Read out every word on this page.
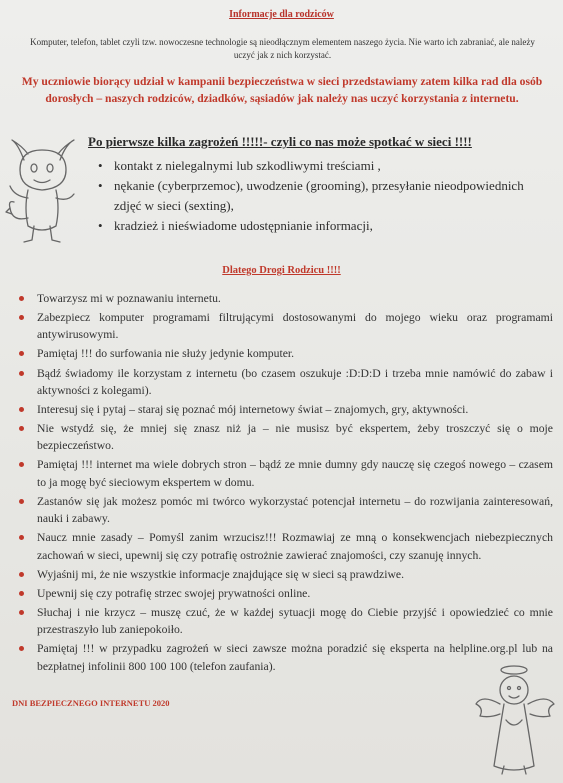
Informacje dla rodziców
Komputer, telefon, tablet czyli tzw. nowoczesne technologie są nieodłącznym elementem naszego życia. Nie warto ich zabraniać, ale należy uczyć jak z nich korzystać.
My uczniowie biorący udział w kampanii bezpieczeństwa w sieci przedstawiamy zatem kilka rad dla osób dorosłych – naszych rodziców, dziadków, sąsiadów jak należy nas uczyć korzystania z internetu.
Po pierwsze kilka zagrożeń !!!!!- czyli co nas może spotkać w sieci !!!!
• kontakt z nielegalnymi lub szkodliwymi treściami ,
• nękanie (cyberprzemoc), uwodzenie (grooming), przesyłanie nieodpowiednich zdjęć w sieci (sexting),
• kradzież i nieświadome udostępnianie informacji,
Dlatego Drogi Rodzicu !!!!
Towarzysz mi w poznawaniu internetu.
Zabezpiecz komputer programami filtrującymi dostosowanymi do mojego wieku oraz programami antywirusowymi.
Pamiętaj !!! do surfowania nie służy jedynie komputer.
Bądź świadomy ile korzystam z internetu (bo czasem oszukuje :D:D:D i trzeba mnie namówić do zabaw i aktywności z kolegami).
Interesuj się i pytaj – staraj się poznać mój internetowy świat – znajomych, gry, aktywności.
Nie wstydź się, że mniej się znasz niż ja – nie musisz być ekspertem, żeby troszczyć się o moje bezpieczeństwo.
Pamiętaj !!! internet ma wiele dobrych stron – bądź ze mnie dumny gdy nauczę się czegoś nowego – czasem to ja mogę być sieciowym ekspertem w domu.
Zastanów się jak możesz pomóc mi twórco wykorzystać potencjał internetu – do rozwijania zainteresowań, nauki i zabawy.
Naucz mnie zasady – Pomyśl zanim wrzucisz!!! Rozmawiaj ze mną o konsekwencjach niebezpiecznych zachowań w sieci, upewnij się czy potrafię ostrożnie zawierać znajomości, czy szanuję innych.
Wyjaśnij mi, że nie wszystkie informacje znajdujące się w sieci są prawdziwe.
Upewnij się czy potrafię strzec swojej prywatności online.
Słuchaj i nie krzycz – muszę czuć, że w każdej sytuacji mogę do Ciebie przyjść i opowiedzieć co mnie przestraszyło lub zaniepokoiło.
Pamiętaj !!! w przypadku zagrożeń w sieci zawsze można poradzić się eksperta na helpline.org.pl lub na bezpłatnej infolinii 800 100 100 (telefon zaufania).
DNI BEZPIECZNEGO INTERNETU 2020
